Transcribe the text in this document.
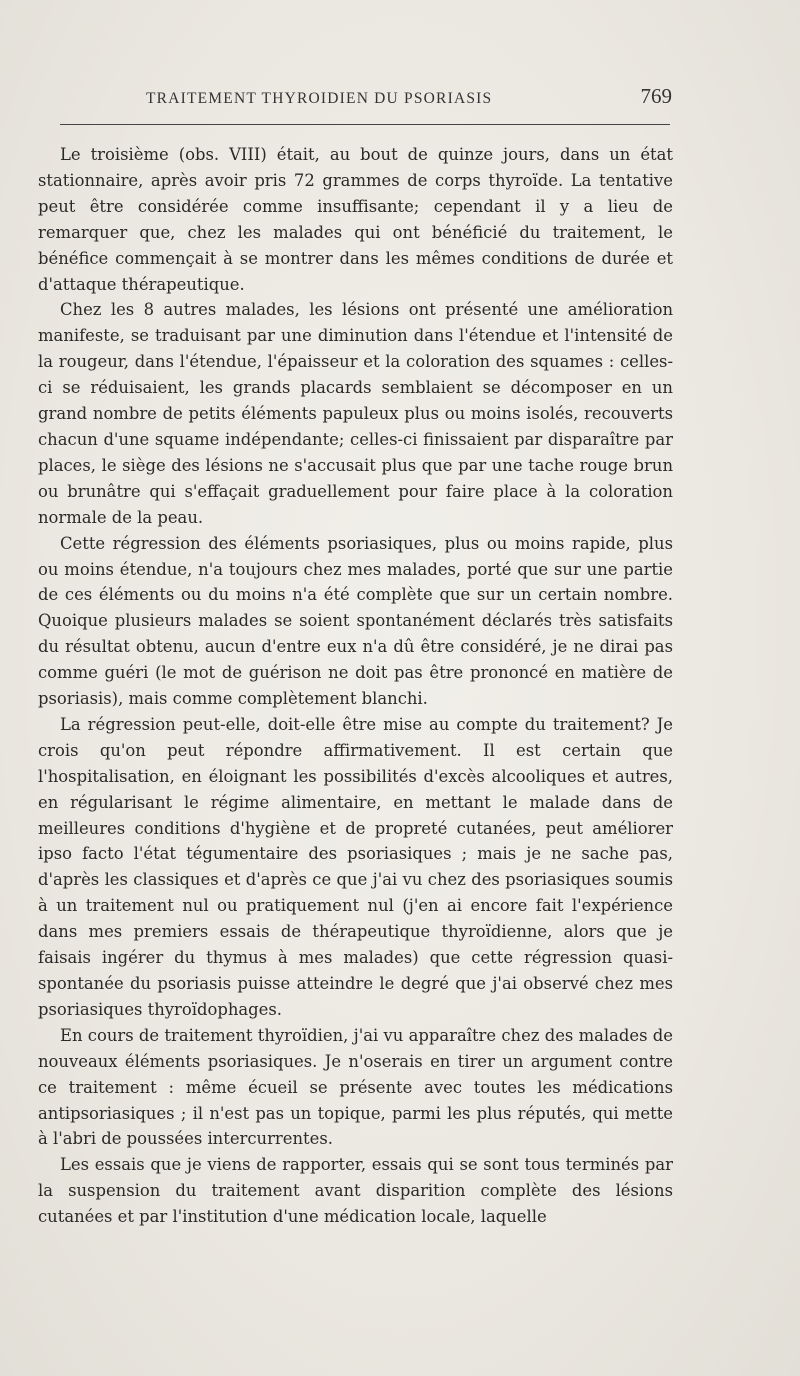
TRAITEMENT THYROIDIEN DU PSORIASIS	769

Le troisième (obs. VIII) était, au bout de quinze jours, dans un état stationnaire, après avoir pris 72 grammes de corps thyroïde. La tentative peut être considérée comme insuffisante; cependant il y a lieu de remarquer que, chez les malades qui ont bénéficié du traitement, le bénéfice commençait à se montrer dans les mêmes conditions de durée et d'attaque thérapeutique.

Chez les 8 autres malades, les lésions ont présenté une amélioration manifeste, se traduisant par une diminution dans l'étendue et l'intensité de la rougeur, dans l'étendue, l'épaisseur et la coloration des squames : celles-ci se réduisaient, les grands placards semblaient se décomposer en un grand nombre de petits éléments papuleux plus ou moins isolés, recouverts chacun d'une squame indépendante; celles-ci finissaient par disparaître par places, le siège des lésions ne s'accusait plus que par une tache rouge brun ou brunâtre qui s'effaçait graduellement pour faire place à la coloration normale de la peau.

Cette régression des éléments psoriasiques, plus ou moins rapide, plus ou moins étendue, n'a toujours chez mes malades, porté que sur une partie de ces éléments ou du moins n'a été complète que sur un certain nombre. Quoique plusieurs malades se soient spontanément déclarés très satisfaits du résultat obtenu, aucun d'entre eux n'a dû être considéré, je ne dirai pas comme guéri (le mot de guérison ne doit pas être prononcé en matière de psoriasis), mais comme complètement blanchi.

La régression peut-elle, doit-elle être mise au compte du traitement? Je crois qu'on peut répondre affirmativement. Il est certain que l'hospitalisation, en éloignant les possibilités d'excès alcooliques et autres, en régularisant le régime alimentaire, en mettant le malade dans de meilleures conditions d'hygiène et de propreté cutanées, peut améliorer ipso facto l'état tégumentaire des psoriasiques ; mais je ne sache pas, d'après les classiques et d'après ce que j'ai vu chez des psoriasiques soumis à un traitement nul ou pratiquement nul (j'en ai encore fait l'expérience dans mes premiers essais de thérapeutique thyroïdienne, alors que je faisais ingérer du thymus à mes malades) que cette régression quasi-spontanée du psoriasis puisse atteindre le degré que j'ai observé chez mes psoriasiques thyroïdophages.

En cours de traitement thyroïdien, j'ai vu apparaître chez des malades de nouveaux éléments psoriasiques. Je n'oserais en tirer un argument contre ce traitement : même écueil se présente avec toutes les médications antipsoriasiques ; il n'est pas un topique, parmi les plus réputés, qui mette à l'abri de poussées intercurrentes.

Les essais que je viens de rapporter, essais qui se sont tous terminés par la suspension du traitement avant disparition complète des lésions cutanées et par l'institution d'une médication locale, laquelle
